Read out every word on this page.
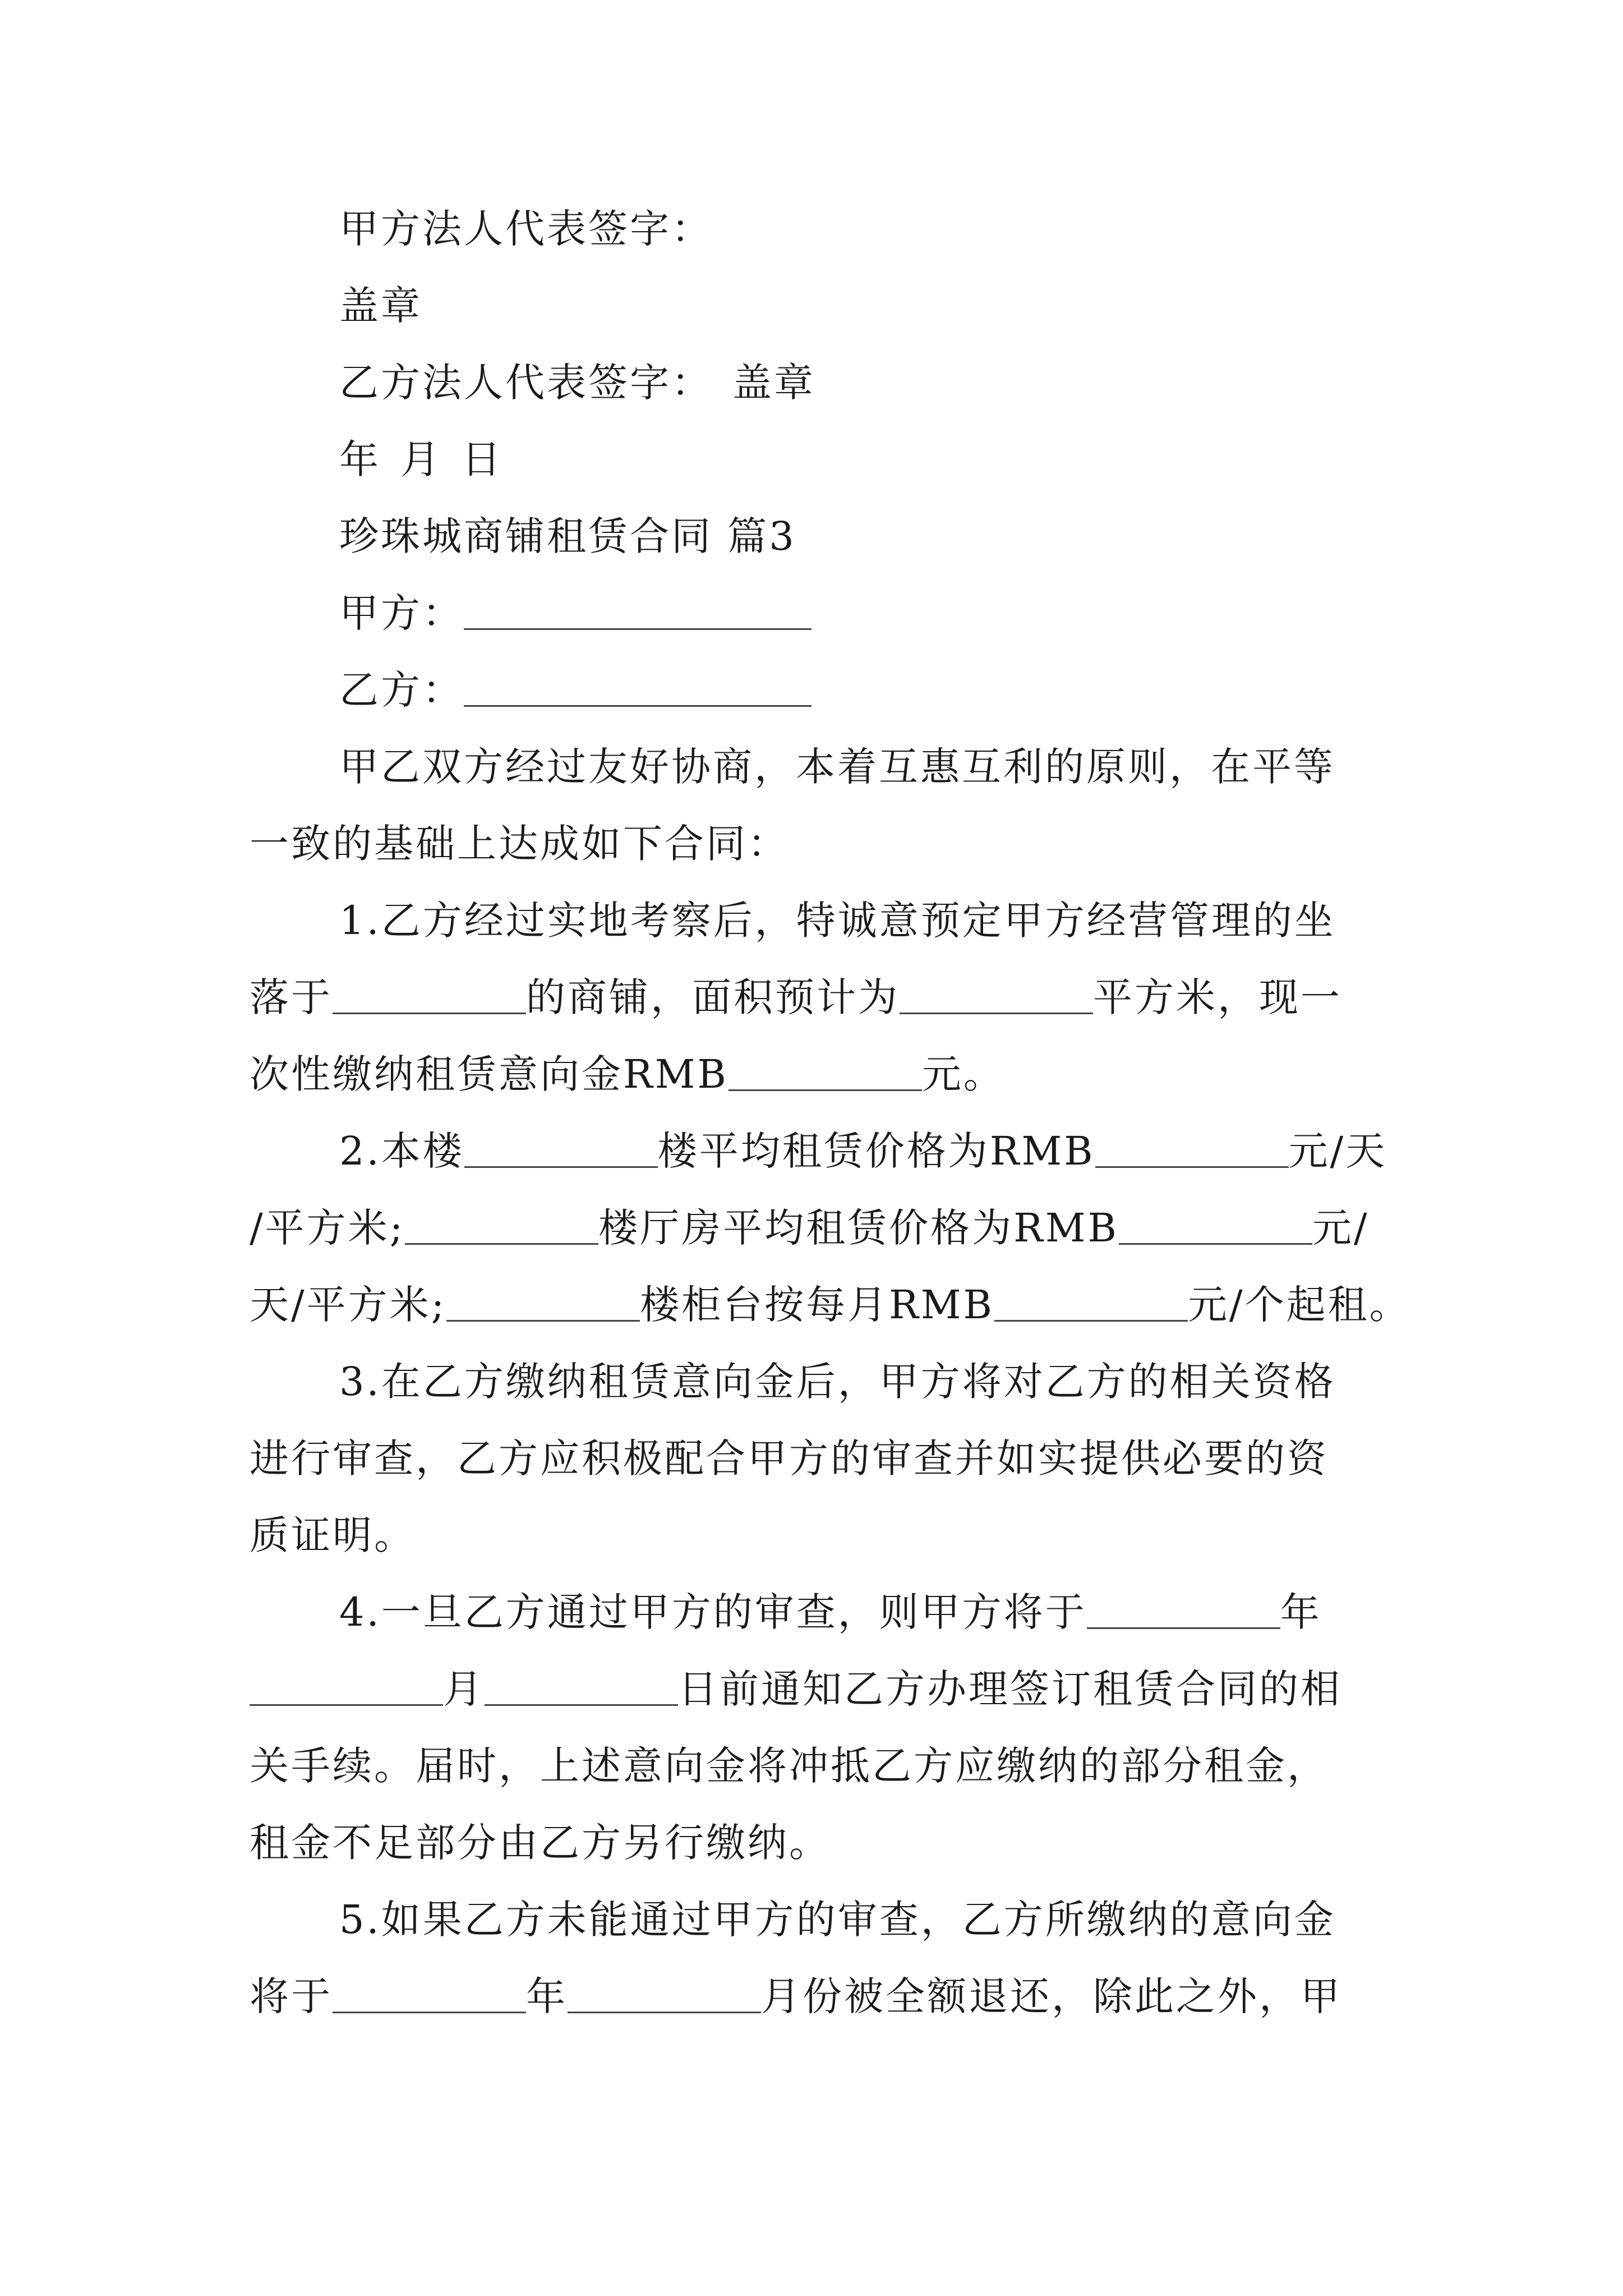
甲方法人代表签字：
盖章
乙方法人代表签字： 盖章
年 月 日
珍珠城商铺租赁合同 篇3
甲方：
乙方：
甲乙双方经过友好协商，本着互惠互利的原则，在平等
一致的基础上达成如下合同：
1.乙方经过实地考察后，特诚意预定甲方经营管理的坐
落于	的商铺，面积预计为	平方米，现一
次性缴纳租赁意向金RMB	元。
2.本楼	楼平均租赁价格为RMB	元/天
/平方米;	楼厅房平均租赁价格为RMB	元/
天/平方米;	楼柜台按每月RMB	元/个起租。
3.在乙方缴纳租赁意向金后，甲方将对乙方的相关资格
进行审查，乙方应积极配合甲方的审查并如实提供必要的资
质证明。
4.一旦乙方通过甲方的审查，则甲方将于	年
月	日前通知乙方办理签订租赁合同的相
关手续。届时，上述意向金将冲抵乙方应缴纳的部分租金，
租金不足部分由乙方另行缴纳。
5.如果乙方未能通过甲方的审查，乙方所缴纳的意向金
将于	年	月份被全额退还，除此之外，甲
